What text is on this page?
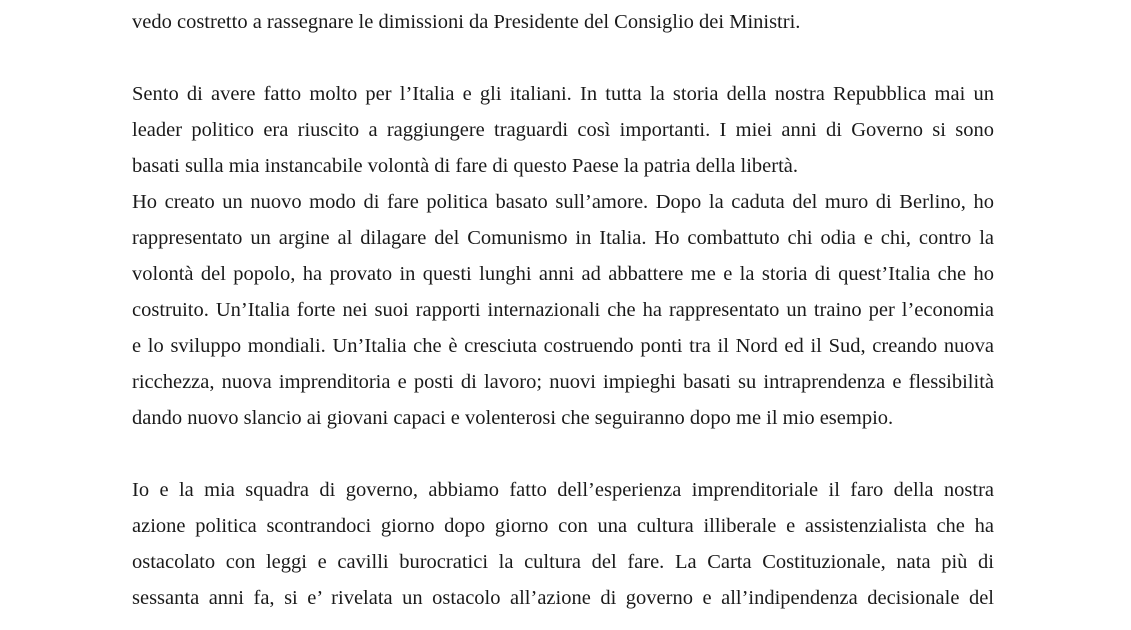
vedo costretto a rassegnare le dimissioni da Presidente del Consiglio dei Ministri.
Sento di avere fatto molto per l’Italia e gli italiani. In tutta la storia della nostra Repubblica mai un
leader politico era riuscito a raggiungere traguardi così importanti. I miei anni di Governo si sono
basati sulla mia instancabile volontà di fare di questo Paese la patria della libertà.
Ho creato un nuovo modo di fare politica basato sull’amore. Dopo la caduta del muro di Berlino, ho
rappresentato un argine al dilagare del Comunismo in Italia. Ho combattuto chi odia e chi, contro la
volontà del popolo, ha provato in questi lunghi anni ad abbattere me e la storia di quest’Italia che ho
costruito. Un’Italia forte nei suoi rapporti internazionali che ha rappresentato un traino per l’economia
e lo sviluppo mondiali. Un’Italia che è cresciuta costruendo ponti tra il Nord ed il Sud, creando nuova
ricchezza, nuova imprenditoria e posti di lavoro; nuovi impieghi basati su intraprendenza e flessibilità
dando nuovo slancio ai giovani capaci e volenterosi che seguiranno dopo me il mio esempio.
Io e la mia squadra di governo, abbiamo fatto dell’esperienza imprenditoriale il faro della nostra
azione politica scontrandoci giorno dopo giorno con una cultura illiberale e assistenzialista che ha
ostacolato con leggi e cavilli burocratici la cultura del fare. La Carta Costituzionale, nata più di
sessanta anni fa, si e’ rivelata un ostacolo all’azione di governo e all’indipendenza decisionale del
